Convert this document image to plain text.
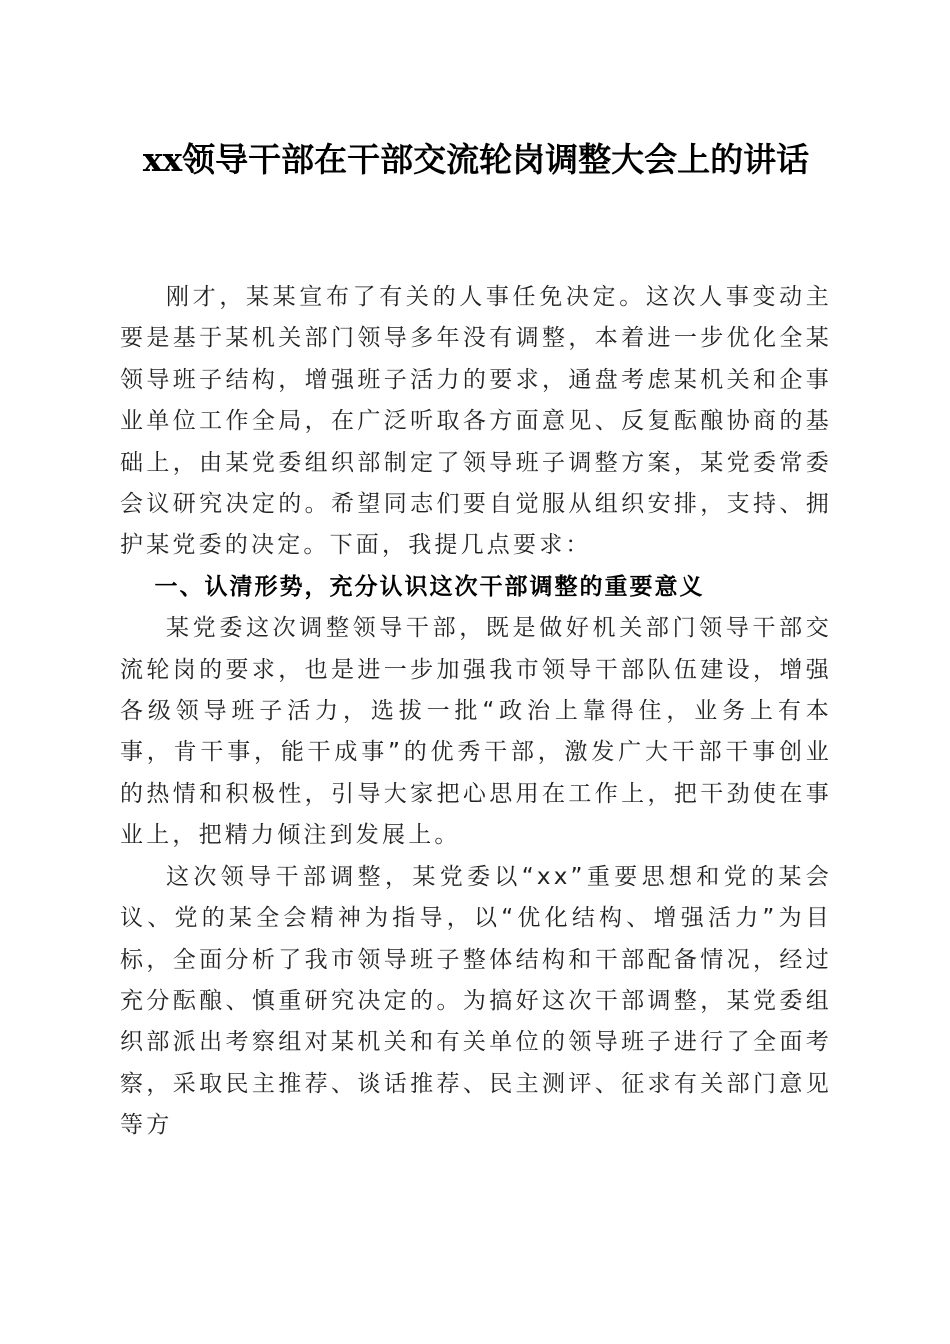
xx领导干部在干部交流轮岗调整大会上的讲话

刚才，某某宣布了有关的人事任免决定。这次人事变动主要是基于某机关部门领导多年没有调整，本着进一步优化全某领导班子结构，增强班子活力的要求，通盘考虑某机关和企事业单位工作全局，在广泛听取各方面意见、反复酝酿协商的基础上，由某党委组织部制定了领导班子调整方案，某党委常委会议研究决定的。希望同志们要自觉服从组织安排，支持、拥护某党委的决定。下面，我提几点要求：

一、认清形势，充分认识这次干部调整的重要意义

某党委这次调整领导干部，既是做好机关部门领导干部交流轮岗的要求，也是进一步加强我市领导干部队伍建设，增强各级领导班子活力，选拔一批“政治上靠得住，业务上有本事，肯干事，能干成事”的优秀干部，激发广大干部干事创业的热情和积极性，引导大家把心思用在工作上，把干劲使在事业上，把精力倾注到发展上。

这次领导干部调整，某党委以“xx”重要思想和党的某会议、党的某全会精神为指导，以“优化结构、增强活力”为目标，全面分析了我市领导班子整体结构和干部配备情况，经过充分酝酿、慎重研究决定的。为搞好这次干部调整，某党委组织部派出考察组对某机关和有关单位的领导班子进行了全面考察，采取民主推荐、谈话推荐、民主测评、征求有关部门意见等方
